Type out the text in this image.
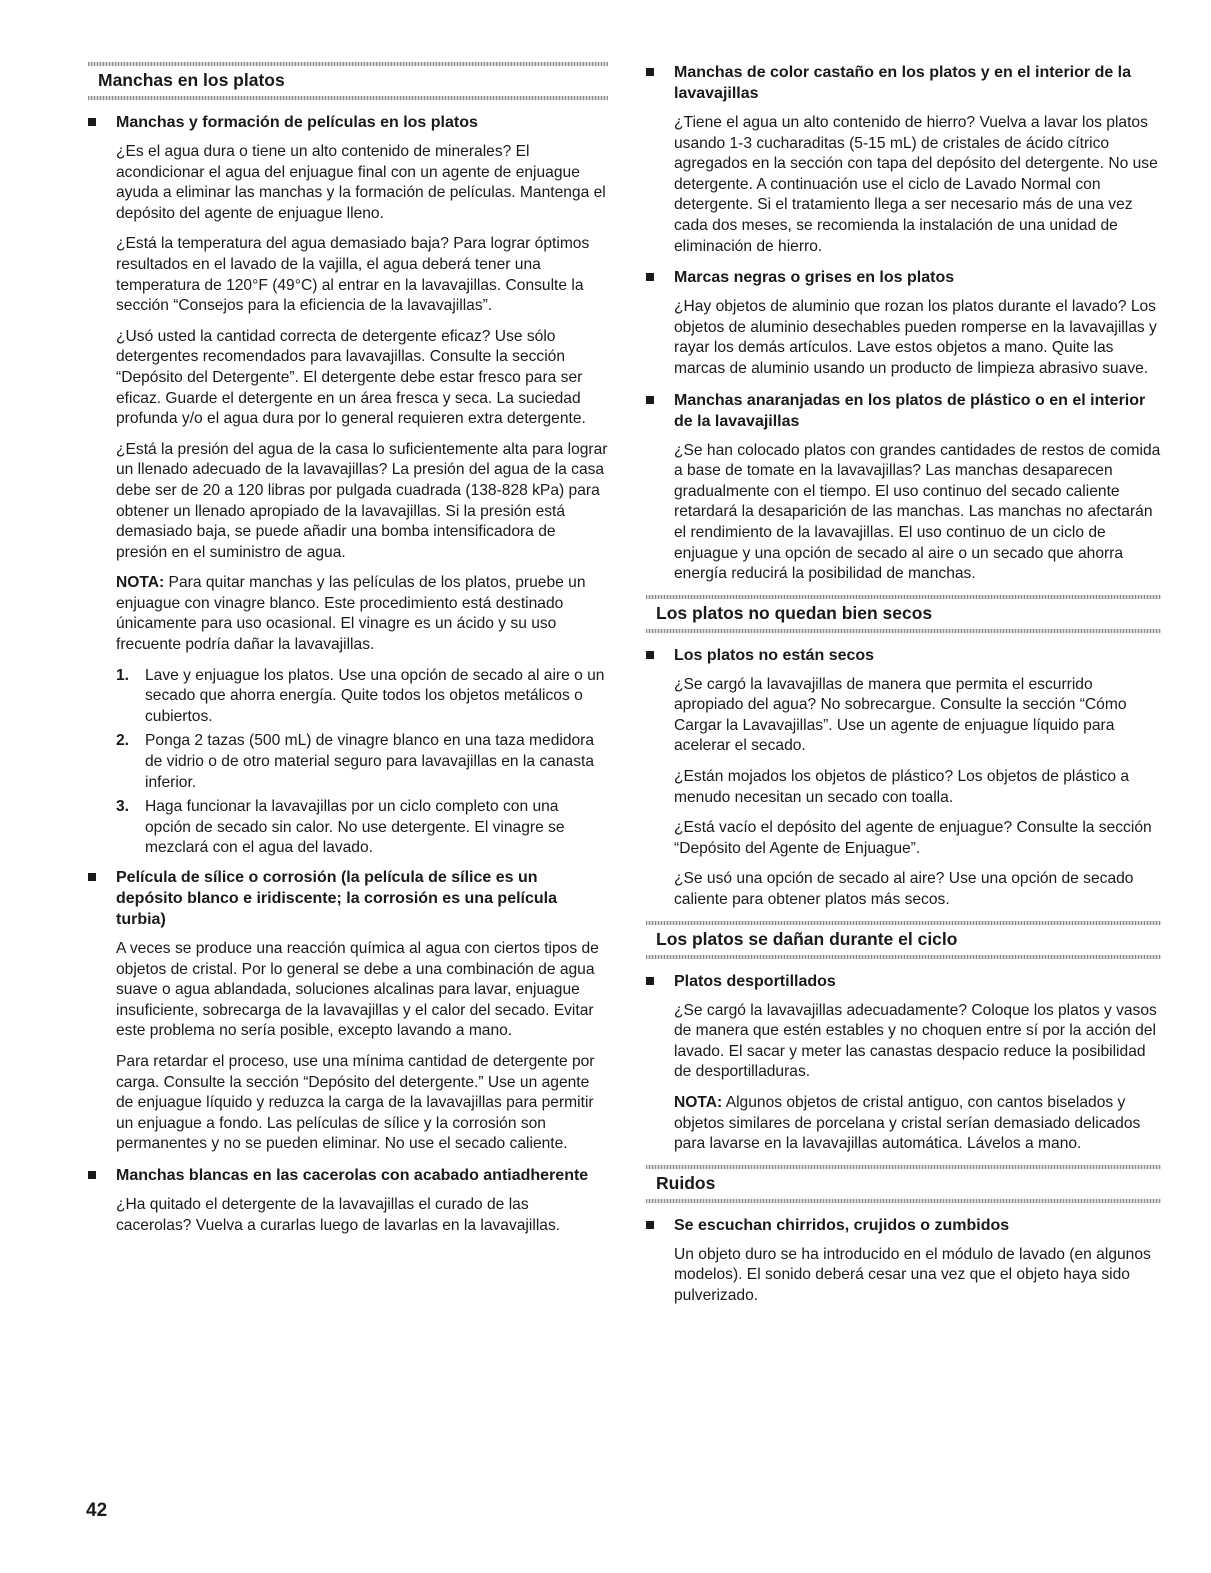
Manchas en los platos
Manchas y formación de películas en los platos

¿Es el agua dura o tiene un alto contenido de minerales? El acondicionar el agua del enjuague final con un agente de enjuague ayuda a eliminar las manchas y la formación de películas. Mantenga el depósito del agente de enjuague lleno.

¿Está la temperatura del agua demasiado baja? Para lograr óptimos resultados en el lavado de la vajilla, el agua deberá tener una temperatura de 120°F (49°C) al entrar en la lavavajillas. Consulte la sección “Consejos para la eficiencia de la lavavajillas”.

¿Usó usted la cantidad correcta de detergente eficaz? Use sólo detergentes recomendados para lavavajillas. Consulte la sección “Depósito del Detergente”. El detergente debe estar fresco para ser eficaz. Guarde el detergente en un área fresca y seca. La suciedad profunda y/o el agua dura por lo general requieren extra detergente.

¿Está la presión del agua de la casa lo suficientemente alta para lograr un llenado adecuado de la lavavajillas? La presión del agua de la casa debe ser de 20 a 120 libras por pulgada cuadrada (138-828 kPa) para obtener un llenado apropiado de la lavavajillas. Si la presión está demasiado baja, se puede añadir una bomba intensificadora de presión en el suministro de agua.

NOTA: Para quitar manchas y las películas de los platos, pruebe un enjuague con vinagre blanco. Este procedimiento está destinado únicamente para uso ocasional. El vinagre es un ácido y su uso frecuente podría dañar la lavavajillas.

1. Lave y enjuague los platos. Use una opción de secado al aire o un secado que ahorra energía. Quite todos los objetos metálicos o cubiertos.
2. Ponga 2 tazas (500 mL) de vinagre blanco en una taza medidora de vidrio o de otro material seguro para lavavajillas en la canasta inferior.
3. Haga funcionar la lavavajillas por un ciclo completo con una opción de secado sin calor. No use detergente. El vinagre se mezclará con el agua del lavado.
Película de sílice o corrosión (la película de sílice es un depósito blanco e iridiscente; la corrosión es una película turbia)

A veces se produce una reacción química al agua con ciertos tipos de objetos de cristal. Por lo general se debe a una combinación de agua suave o agua ablandada, soluciones alcalinas para lavar, enjuague insuficiente, sobrecarga de la lavavajillas y el calor del secado. Evitar este problema no sería posible, excepto lavando a mano.

Para retardar el proceso, use una mínima cantidad de detergente por carga. Consulte la sección “Depósito del detergente.” Use un agente de enjuague líquido y reduzca la carga de la lavavajillas para permitir un enjuague a fondo. Las películas de sílice y la corrosión son permanentes y no se pueden eliminar. No use el secado caliente.

Manchas blancas en las cacerolas con acabado antiadherente

¿Ha quitado el detergente de la lavavajillas el curado de las cacerolas? Vuelva a curarlas luego de lavarlas en la lavavajillas.

Manchas de color castaño en los platos y en el interior de la lavavajillas

¿Tiene el agua un alto contenido de hierro? Vuelva a lavar los platos usando 1-3 cucharaditas (5-15 mL) de cristales de ácido cítrico agregados en la sección con tapa del depósito del detergente. No use detergente. A continuación use el ciclo de Lavado Normal con detergente. Si el tratamiento llega a ser necesario más de una vez cada dos meses, se recomienda la instalación de una unidad de eliminación de hierro.

Marcas negras o grises en los platos

¿Hay objetos de aluminio que rozan los platos durante el lavado? Los objetos de aluminio desechables pueden romperse en la lavavajillas y rayar los demás artículos. Lave estos objetos a mano. Quite las marcas de aluminio usando un producto de limpieza abrasivo suave.

Manchas anaranjadas en los platos de plástico o en el interior de la lavavajillas

¿Se han colocado platos con grandes cantidades de restos de comida a base de tomate en la lavavajillas? Las manchas desaparecen gradualmente con el tiempo. El uso continuo del secado caliente retardará la desaparición de las manchas. Las manchas no afectarán el rendimiento de la lavavajillas. El uso continuo de un ciclo de enjuague y una opción de secado al aire o un secado que ahorra energía reducirá la posibilidad de manchas.

Los platos no quedan bien secos
Los platos no están secos

¿Se cargó la lavavajillas de manera que permita el escurrido apropiado del agua? No sobrecargue. Consulte la sección “Cómo Cargar la Lavavajillas”. Use un agente de enjuague líquido para acelerar el secado.

¿Están mojados los objetos de plástico? Los objetos de plástico a menudo necesitan un secado con toalla.

¿Está vacío el depósito del agente de enjuague? Consulte la sección “Depósito del Agente de Enjuague”.

¿Se usó una opción de secado al aire? Use una opción de secado caliente para obtener platos más secos.

Los platos se dañan durante el ciclo
Platos desportillados

¿Se cargó la lavavajillas adecuadamente? Coloque los platos y vasos de manera que estén estables y no choquen entre sí por la acción del lavado. El sacar y meter las canastas despacio reduce la posibilidad de desportilladuras.

NOTA: Algunos objetos de cristal antiguo, con cantos biselados y objetos similares de porcelana y cristal serían demasiado delicados para lavarse en la lavavajillas automática. Lávelos a mano.

Ruidos
Se escuchan chirridos, crujidos o zumbidos

Un objeto duro se ha introducido en el módulo de lavado (en algunos modelos). El sonido deberá cesar una vez que el objeto haya sido pulverizado.

42
